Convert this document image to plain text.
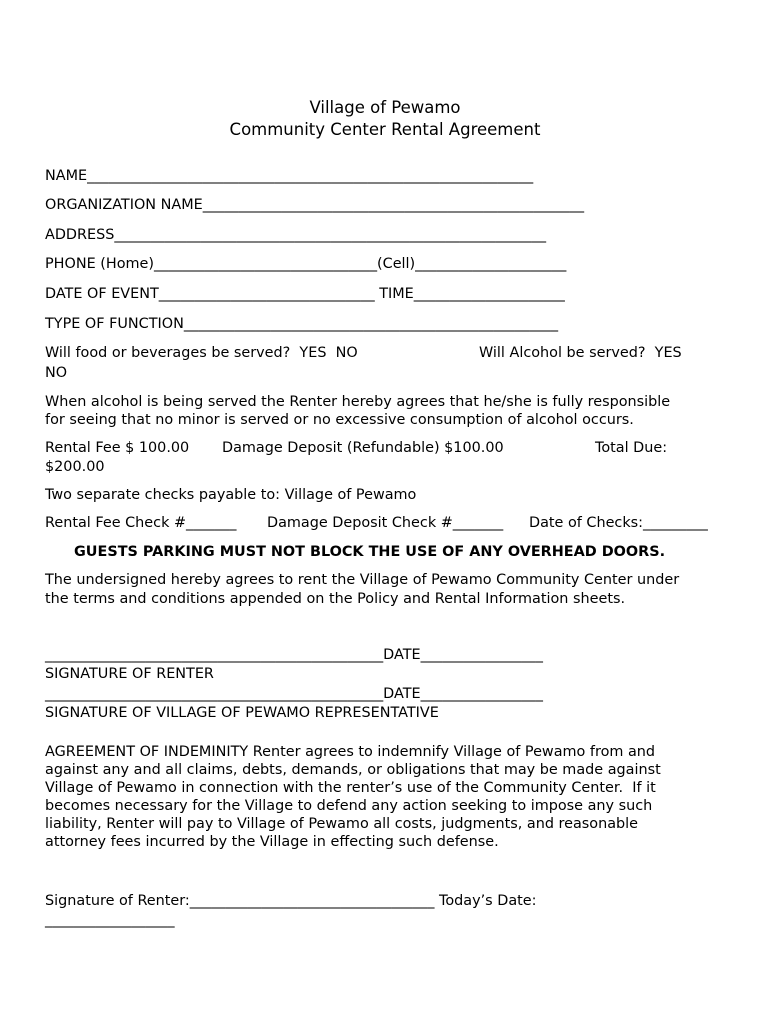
Village of Pewamo
Community Center Rental Agreement
NAME______________________________________________________________
ORGANIZATION NAME_____________________________________________________
ADDRESS____________________________________________________________
PHONE (Home)_______________________________(Cell)_____________________
DATE OF EVENT______________________________ TIME_____________________
TYPE OF FUNCTION____________________________________________________
Will food or beverages be served?  YES  NO	Will Alcohol be served?  YES
NO
When alcohol is being served the Renter hereby agrees that he/she is fully responsible
for seeing that no minor is served or no excessive consumption of alcohol occurs.
Rental Fee $ 100.00 Damage Deposit (Refundable) $100.00	Total Due:
$200.00
Two separate checks payable to: Village of Pewamo
Rental Fee Check #_______ Damage Deposit Check #_______ Date of Checks:_________
GUESTS PARKING MUST NOT BLOCK THE USE OF ANY OVERHEAD DOORS.
The undersigned hereby agrees to rent the Village of Pewamo Community Center under
the terms and conditions appended on the Policy and Rental Information sheets.
_______________________________________________DATE_________________
SIGNATURE OF RENTER
_______________________________________________DATE_________________
SIGNATURE OF VILLAGE OF PEWAMO REPRESENTATIVE
AGREEMENT OF INDEMINITY Renter agrees to indemnify Village of Pewamo from and
against any and all claims, debts, demands, or obligations that may be made against
Village of Pewamo in connection with the renter’s use of the Community Center.  If it
becomes necessary for the Village to defend any action seeking to impose any such
liability, Renter will pay to Village of Pewamo all costs, judgments, and reasonable
attorney fees incurred by the Village in effecting such defense.
Signature of Renter:__________________________________ Today’s Date:
__________________
